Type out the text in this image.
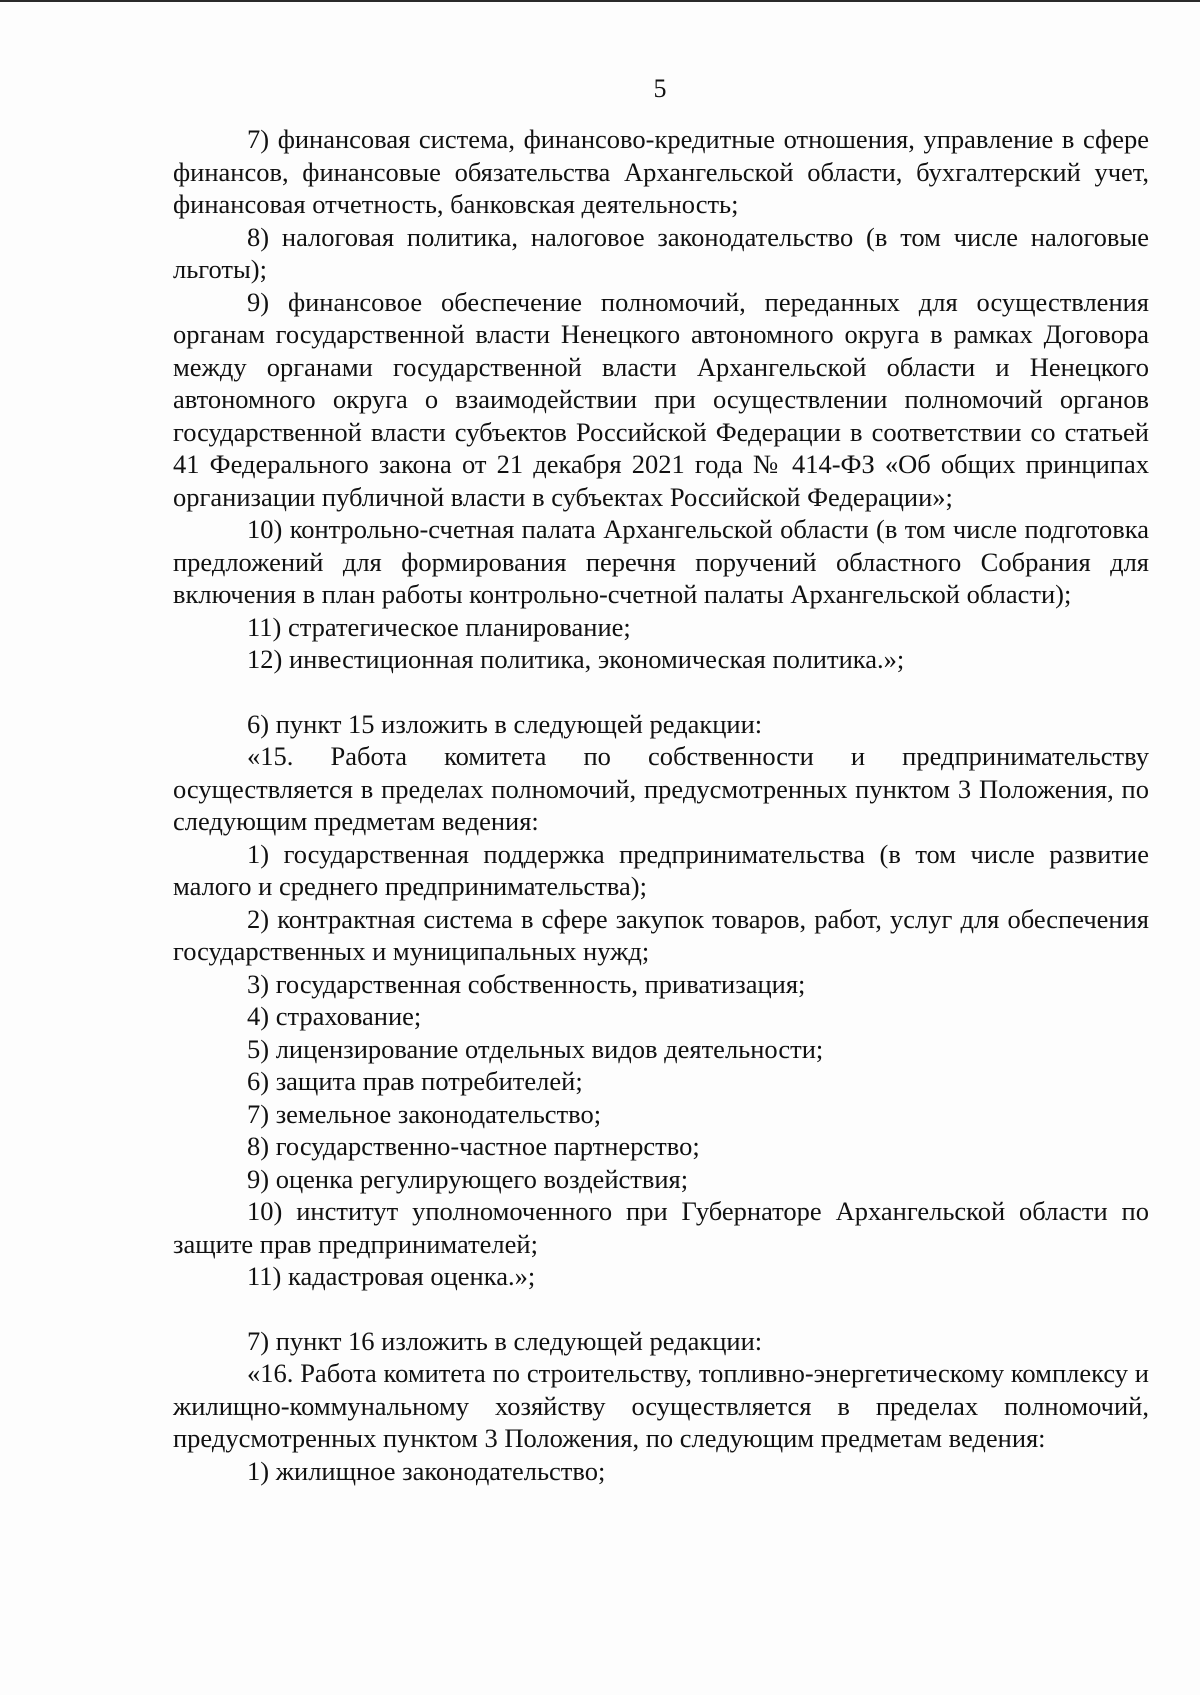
5

7) финансовая система, финансово-кредитные отношения, управление в сфере финансов, финансовые обязательства Архангельской области, бухгалтерский учет, финансовая отчетность, банковская деятельность;

8) налоговая политика, налоговое законодательство (в том числе налоговые льготы);

9) финансовое обеспечение полномочий, переданных для осуществления органам государственной власти Ненецкого автономного округа в рамках Договора между органами государственной власти Архангельской области и Ненецкого автономного округа о взаимодействии при осуществлении полномочий органов государственной власти субъектов Российской Федерации в соответствии со статьей 41 Федерального закона от 21 декабря 2021 года № 414-ФЗ «Об общих принципах организации публичной власти в субъектах Российской Федерации»;

10) контрольно-счетная палата Архангельской области (в том числе подготовка предложений для формирования перечня поручений областного Собрания для включения в план работы контрольно-счетной палаты Архангельской области);

11) стратегическое планирование;

12) инвестиционная политика, экономическая политика.»;

6) пункт 15 изложить в следующей редакции:

«15. Работа комитета по собственности и предпринимательству осуществляется в пределах полномочий, предусмотренных пунктом 3 Положения, по следующим предметам ведения:

1) государственная поддержка предпринимательства (в том числе развитие малого и среднего предпринимательства);

2) контрактная система в сфере закупок товаров, работ, услуг для обеспечения государственных и муниципальных нужд;

3) государственная собственность, приватизация;

4) страхование;

5) лицензирование отдельных видов деятельности;

6) защита прав потребителей;

7) земельное законодательство;

8) государственно-частное партнерство;

9) оценка регулирующего воздействия;

10) институт уполномоченного при Губернаторе Архангельской области по защите прав предпринимателей;

11) кадастровая оценка.»;

7) пункт 16 изложить в следующей редакции:

«16. Работа комитета по строительству, топливно-энергетическому комплексу и жилищно-коммунальному хозяйству осуществляется в пределах полномочий, предусмотренных пунктом 3 Положения, по следующим предметам ведения:

1) жилищное законодательство;
